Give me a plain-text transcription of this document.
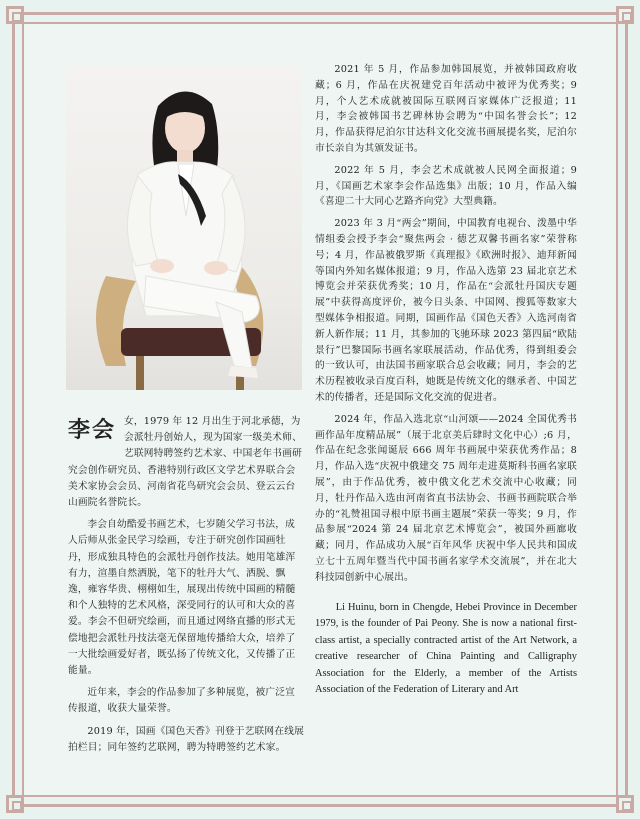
李会 女，1979 年 12 月出生于河北承德，为会派牡丹创始人，现为国家一级美术师、艺联网特聘签约艺术家、中国老年书画研究会创作研究员、香港特别行政区文学艺术界联合会美术家协会会员、河南省花鸟研究会会员、登云云台山画院名誉院长。

李会自幼酷爱书画艺术，七岁随父学习书法，成人后师从张金民学习绘画，专注于研究创作国画牡丹，形成独具特色的会派牡丹创作技法。她用笔雄浑有力，渲墨自然洒脱，笔下的牡丹大气、洒脱、飘逸，雍容华贵、栩栩如生，展现出传统中国画的精髓和个人独特的艺术风格，深受同行的认可和大众的喜爱。李会不但研究绘画，而且通过网络直播的形式无偿地把会派牡丹技法毫无保留地传播给大众，培养了一大批绘画爱好者，既弘扬了传统文化，又传播了正能量。

近年来，李会的作品参加了多种展览，被广泛宣传报道，收获大量荣誉。

2019 年，国画《国色天香》刊登于艺联网在线展拍栏目；同年签约艺联网，聘为特聘签约艺术家。

2021 年 5 月，作品参加韩国展览，并被韩国政府收藏；6 月，作品在庆祝建党百年活动中被评为优秀奖；9 月，个人艺术成就被国际互联网百家媒体广泛报道；11 月，李会被韩国书艺碑林协会聘为“中国名誉会长”；12 月，作品获得尼泊尔甘达科文化交流书画展提名奖，尼泊尔市长亲自为其颁发证书。

2022 年 5 月，李会艺术成就被人民网全面报道；9 月，《国画艺术家李会作品选集》出版；10 月，作品入编《喜迎二十大同心艺路齐向党》大型典籍。

2023 年 3 月“两会”期间，中国教育电视台、泼墨中华情组委会授予李会“聚焦两会 · 德艺双馨书画名家”荣誉称号；4 月，作品被俄罗斯《真理报》《欧洲时报》、迪拜新闻等国内外知名媒体报道；9 月，作品入选第 23 届北京艺术博览会并荣获优秀奖；10 月，作品在“会派牡丹国庆专题展”中获得高度评价，被今日头条、中国网、搜狐等数家大型媒体争相报道。同期，国画作品《国色天香》入选河南省新人新作展；11 月，其参加的飞驰环球 2023 第四届“欧陆景行”巴黎国际书画名家联展活动，作品优秀，得到组委会的一致认可，由法国书画家联合总会收藏；同月，李会的艺术历程被收录百度百科，她既是传统文化的继承者、中国艺术的传播者，还是国际文化交流的促进者。

2024 年，作品入选北京“山河颂——2024 全国优秀书画作品年度精品展”（展于北京美后肆时文化中心）;6 月，作品在纪念张闻诞辰 666 周年书画展中荣获优秀作品；8 月，作品入选“庆祝中俄建交 75 周年走进莫斯科书画名家联展”，由于作品优秀，被中俄文化艺术交流中心收藏；同月，牡丹作品入选由河南省直书法协会、书画书画院联合举办的“礼赞祖国寻根中原书画主题展”荣获一等奖；9 月，作品参展“2024 第 24 届北京艺术博览会”，被国外画廊收藏；同月，作品成功入展“百年风华 庆祝中华人民共和国成立七十五周年暨当代中国书画名家学术交流展”，并在北大科技园创新中心展出。

Li Huinu, born in Chengde, Hebei Province in December 1979, is the founder of Pai Peony. She is now a national first-class artist, a specially contracted artist of the Art Network, a creative researcher of China Painting and Calligraphy Association for the Elderly, a member of the Artists Association of the Federation of Literary and Art
